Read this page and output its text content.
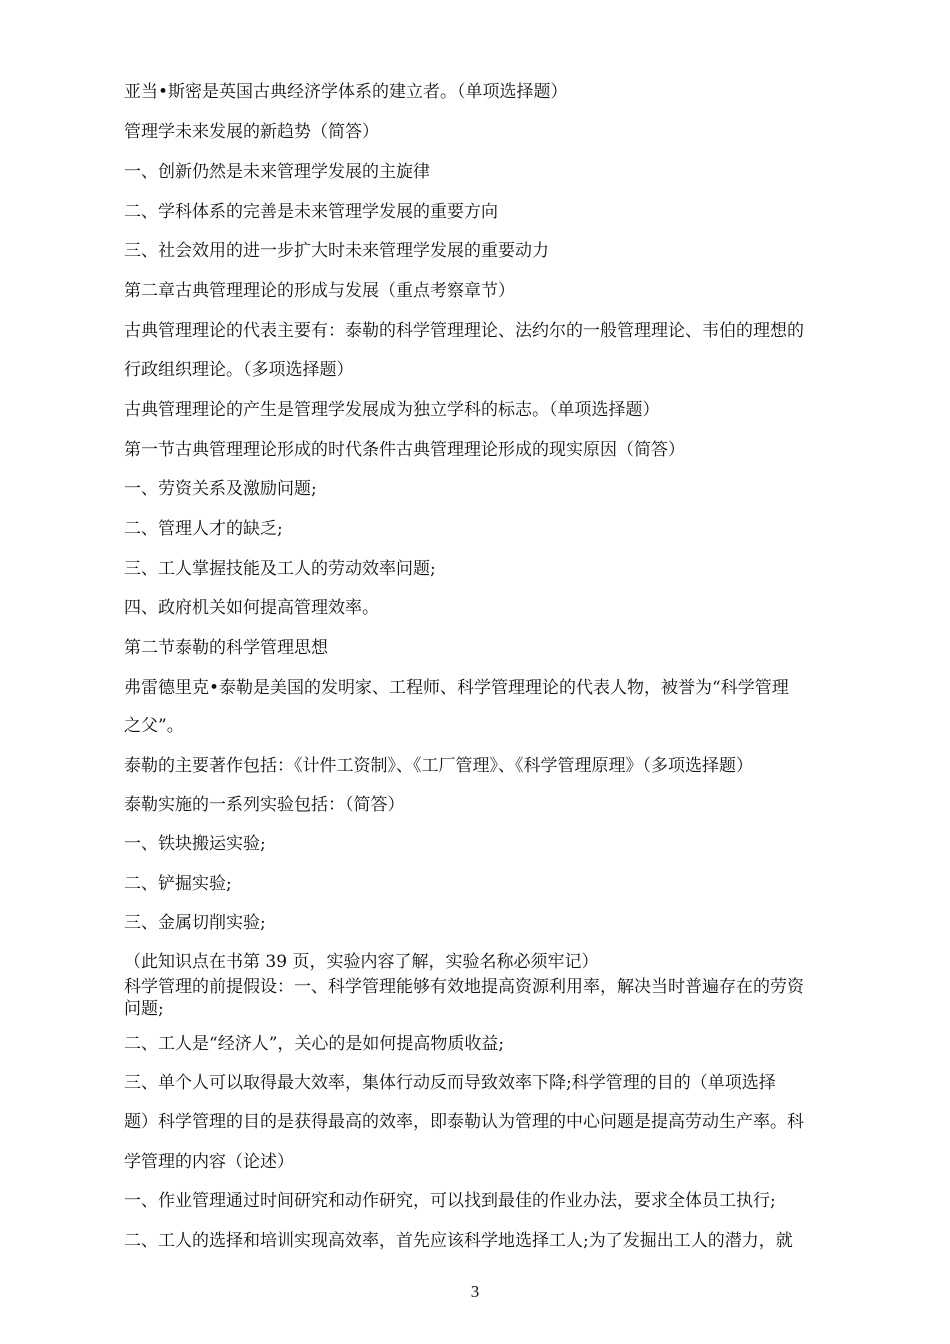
亚当•斯密是英国古典经济学体系的建立者。（单项选择题）
管理学未来发展的新趋势（简答）
一、创新仍然是未来管理学发展的主旋律
二、学科体系的完善是未来管理学发展的重要方向
三、社会效用的进一步扩大时未来管理学发展的重要动力
第二章古典管理理论的形成与发展（重点考察章节）
古典管理理论的代表主要有：泰勒的科学管理理论、法约尔的一般管理理论、韦伯的理想的
行政组织理论。（多项选择题）
古典管理理论的产生是管理学发展成为独立学科的标志。（单项选择题）
第一节古典管理理论形成的时代条件古典管理理论形成的现实原因（简答）
一、劳资关系及激励问题;
二、管理人才的缺乏;
三、工人掌握技能及工人的劳动效率问题;
四、政府机关如何提高管理效率。
第二节泰勒的科学管理思想
弗雷德里克•泰勒是美国的发明家、工程师、科学管理理论的代表人物，被誉为“科学管理
之父”。
泰勒的主要著作包括：《计件工资制》、《工厂管理》、《科学管理原理》（多项选择题）
泰勒实施的一系列实验包括：（简答）
一、铁块搬运实验;
二、铲掘实验;
三、金属切削实验;
（此知识点在书第 39 页，实验内容了解，实验名称必须牢记）
科学管理的前提假设：一、科学管理能够有效地提高资源利用率，解决当时普遍存在的劳资
问题;
二、工人是“经济人”，关心的是如何提高物质收益;
三、单个人可以取得最大效率，集体行动反而导致效率下降;科学管理的目的（单项选择
题）科学管理的目的是获得最高的效率，即泰勒认为管理的中心问题是提高劳动生产率。科
学管理的内容（论述）
一、作业管理通过时间研究和动作研究，可以找到最佳的作业办法，要求全体员工执行;
二、工人的选择和培训实现高效率，首先应该科学地选择工人;为了发掘出工人的潜力，就
3
